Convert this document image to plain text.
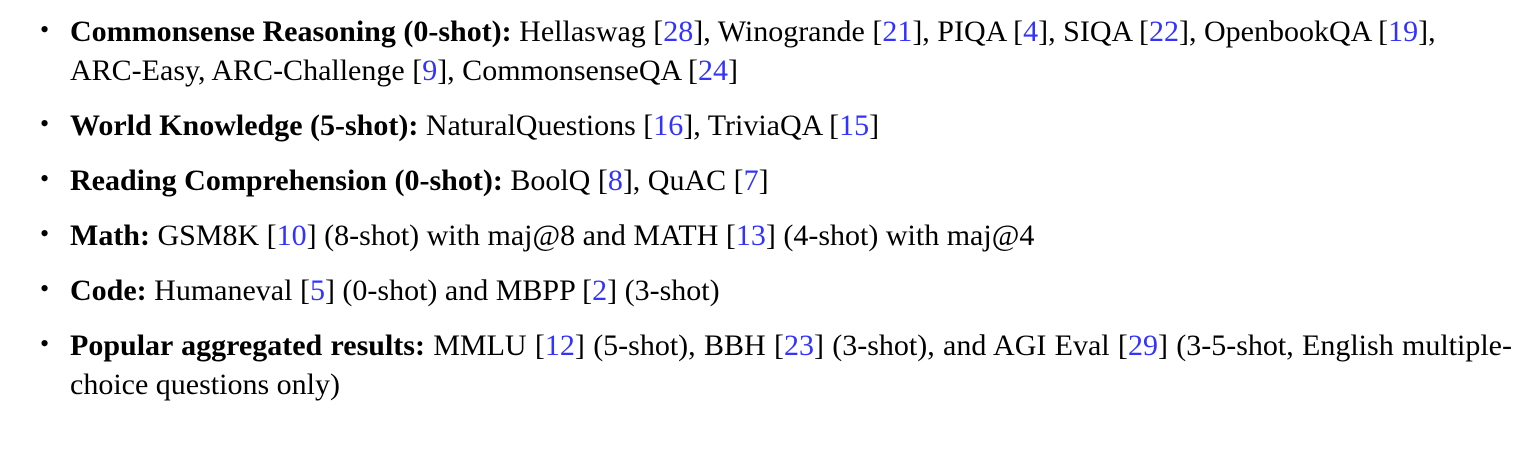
• Commonsense Reasoning (0-shot): Hellaswag [28], Winogrande [21], PIQA [4], SIQA [22], OpenbookQA [19], ARC-Easy, ARC-Challenge [9], CommonsenseQA [24]
• World Knowledge (5-shot): NaturalQuestions [16], TriviaQA [15]
• Reading Comprehension (0-shot): BoolQ [8], QuAC [7]
• Math: GSM8K [10] (8-shot) with maj@8 and MATH [13] (4-shot) with maj@4
• Code: Humaneval [5] (0-shot) and MBPP [2] (3-shot)
• Popular aggregated results: MMLU [12] (5-shot), BBH [23] (3-shot), and AGI Eval [29] (3-5-shot, English multiple-choice questions only)
